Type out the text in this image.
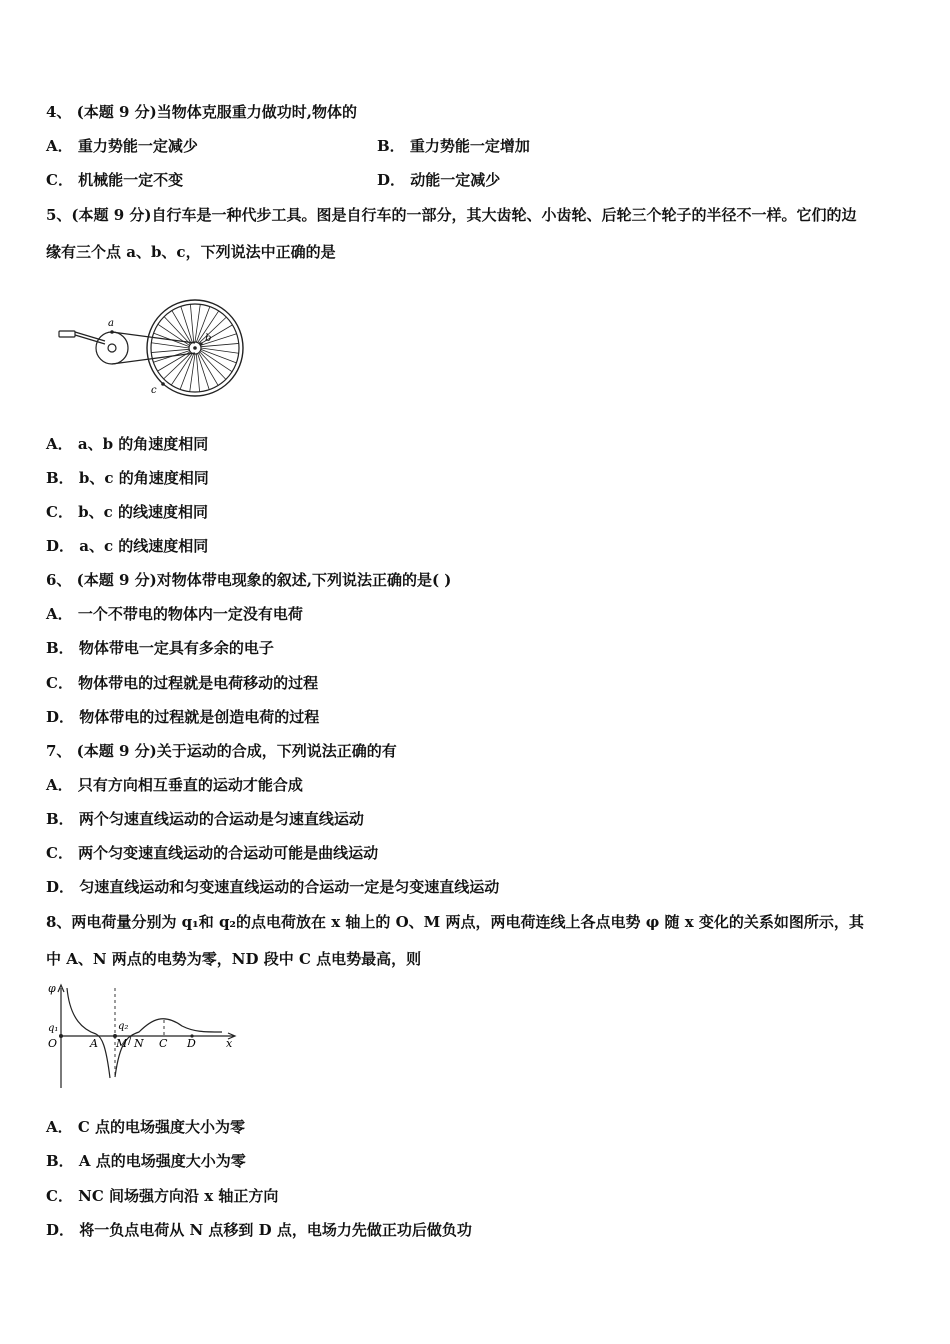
4、 (本题 9 分)当物体克服重力做功时,物体的
A． 重力势能一定减少	B． 重力势能一定增加
C． 机械能一定不变	D． 动能一定减少
5、(本题 9 分)自行车是一种代步工具。图是自行车的一部分，其大齿轮、小齿轮、后轮三个轮子的半径不一样。它们的边
缘有三个点 a、b、c，下列说法中正确的是
a
b
c
A． a、b 的角速度相同
B． b、c 的角速度相同
C． b、c 的线速度相同
D． a、c 的线速度相同
6、 (本题 9 分)对物体带电现象的叙述,下列说法正确的是( )
A． 一个不带电的物体内一定没有电荷
B． 物体带电一定具有多余的电子
C． 物体带电的过程就是电荷移动的过程
D． 物体带电的过程就是创造电荷的过程
7、 (本题 9 分)关于运动的合成，下列说法正确的有
A． 只有方向相互垂直的运动才能合成
B． 两个匀速直线运动的合运动是匀速直线运动
C． 两个匀变速直线运动的合运动可能是曲线运动
D． 匀速直线运动和匀变速直线运动的合运动一定是匀变速直线运动
8、两电荷量分别为 q₁和 q₂的点电荷放在 x 轴上的 O、M 两点，两电荷连线上各点电势 φ 随 x 变化的关系如图所示，其
中 A、N 两点的电势为零，ND 段中 C 点电势最高，则
φ
q₁
O	A
q₂
M / N C D	x
A． C 点的电场强度大小为零
B． A 点的电场强度大小为零
C． NC 间场强方向沿 x 轴正方向
D． 将一负点电荷从 N 点移到 D 点，电场力先做正功后做负功
